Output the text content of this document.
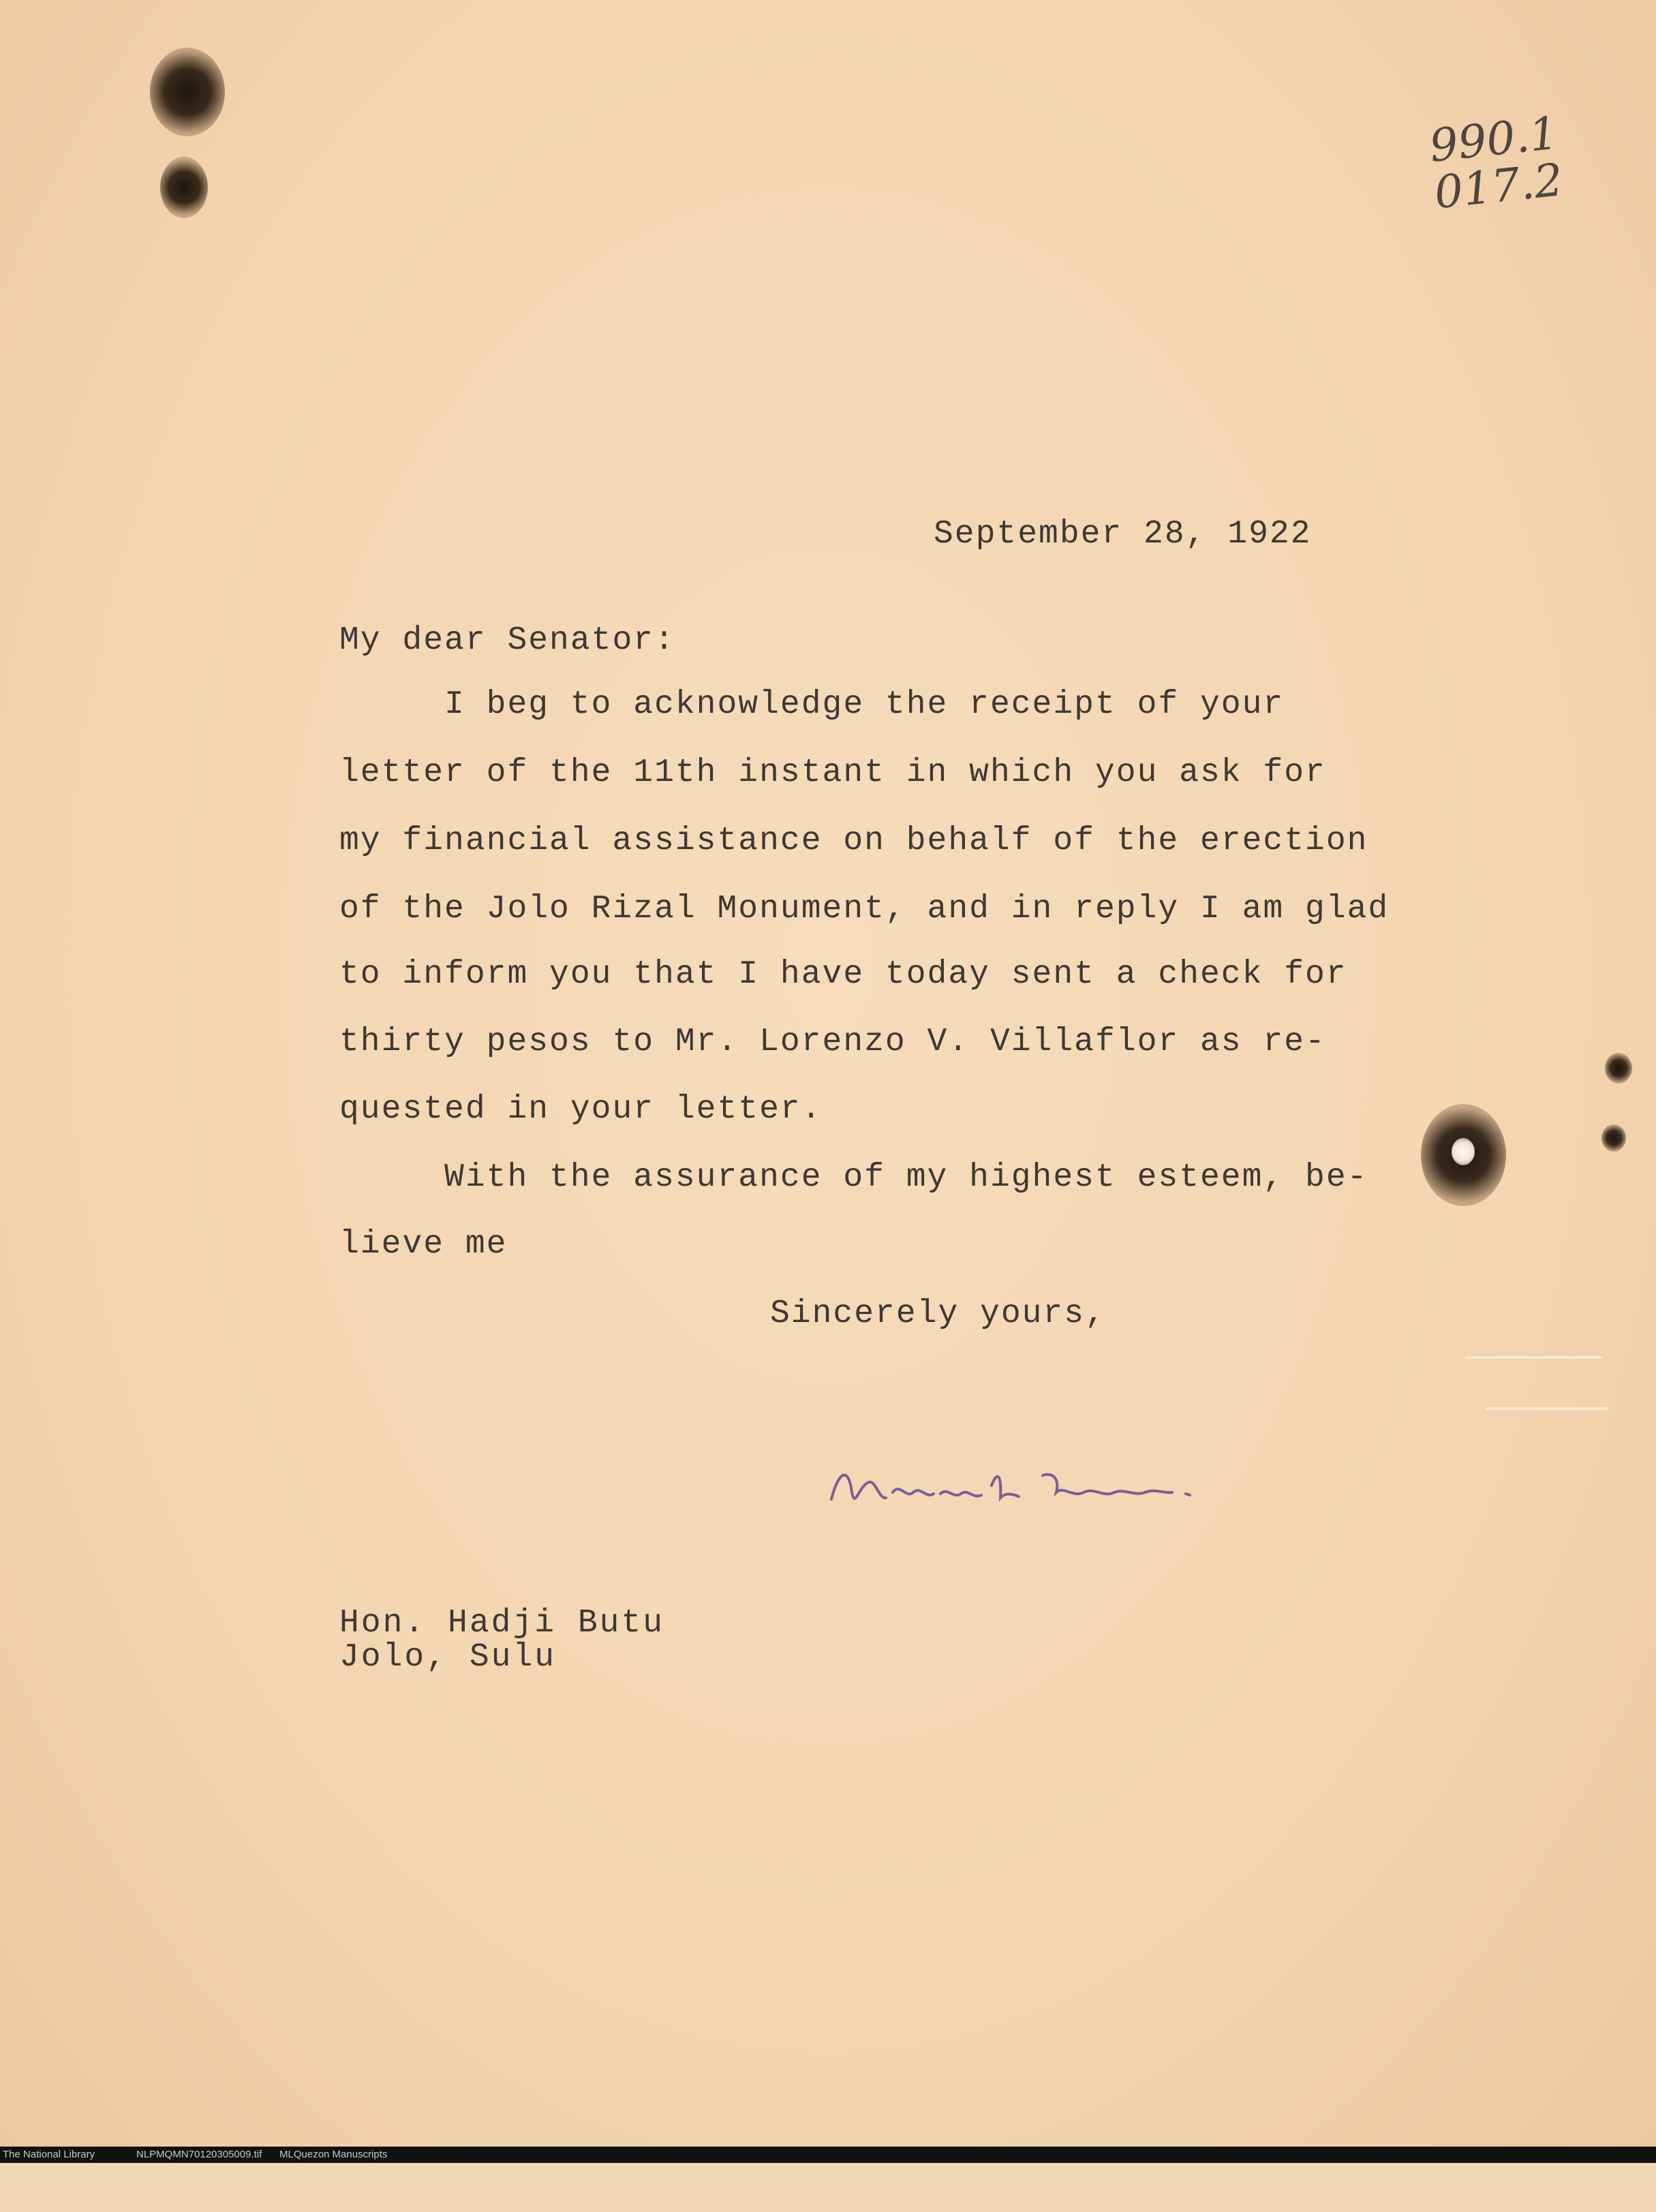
990.1
017.2
September 28, 1922
My dear Senator:
I beg to acknowledge the receipt of your
letter of the 11th instant in which you ask for
my financial assistance on behalf of the erection
of the Jolo Rizal Monument, and in reply I am glad
to inform you that I have today sent a check for
thirty pesos to Mr. Lorenzo V. Villaflor as re-
quested in your letter.
With the assurance of my highest esteem, be-
lieve me
Sincerely yours,
Hon. Hadji Butu
Jolo, Sulu

The National Library

	NLPMQMN70120305009.tif

MLQuezon Manuscripts
